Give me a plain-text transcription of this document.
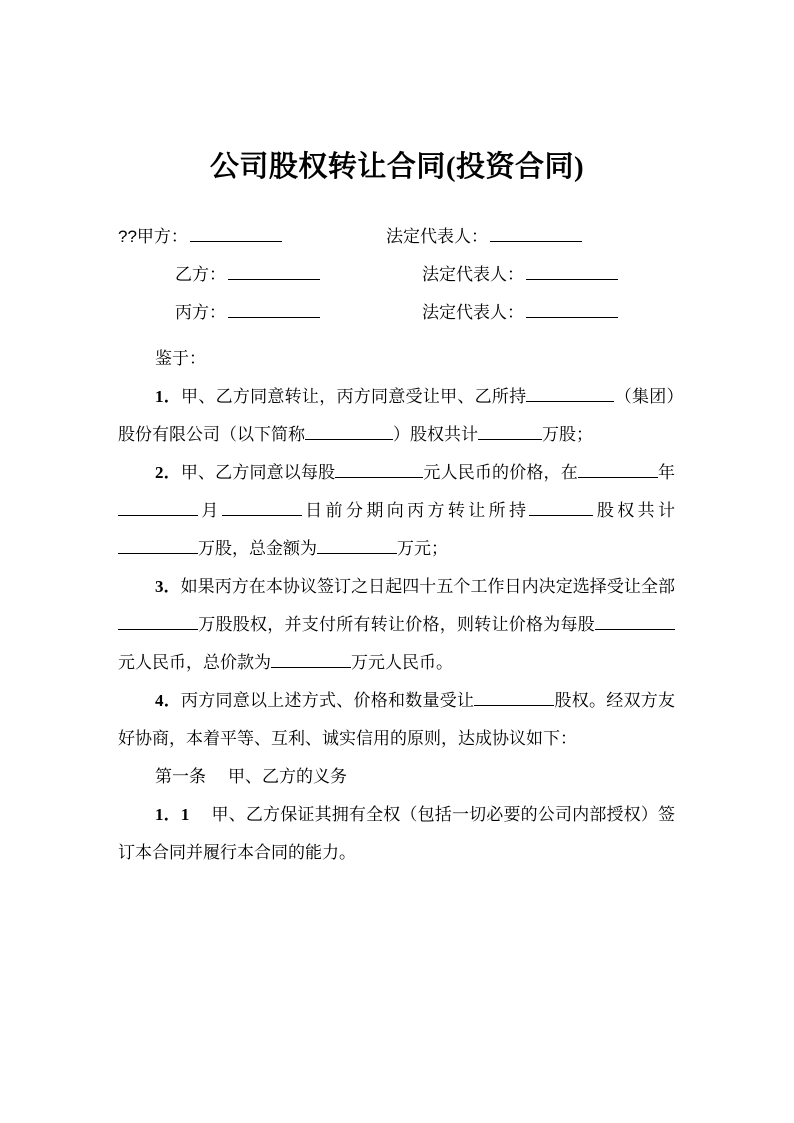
公司股权转让合同(投资合同)
?? 甲方：	法定代表人：
乙方：	法定代表人：
丙方：	法定代表人：

鉴于：

1．甲、乙方同意转让，丙方同意受让甲、乙所持	（集团）股份有限公司（以下简称	）股权共计	万股；

2．甲、乙方同意以每股	元人民币的价格，在	年月	日前分期向丙方转让所持	股权共计万股，总金额为	万元；

3．如果丙方在本协议签订之日起四十五个工作日内决定选择受让全部万股股权，并支付所有转让价格，则转让价格为每股元人民币，总价款为	万元人民币。

4．丙方同意以上述方式、价格和数量受让	股权。经双方友好协商，本着平等、互利、诚实信用的原则，达成协议如下：

第一条 甲、乙方的义务

1．1 甲、乙方保证其拥有全权（包括一切必要的公司内部授权）签订本合同并履行本合同的能力。
